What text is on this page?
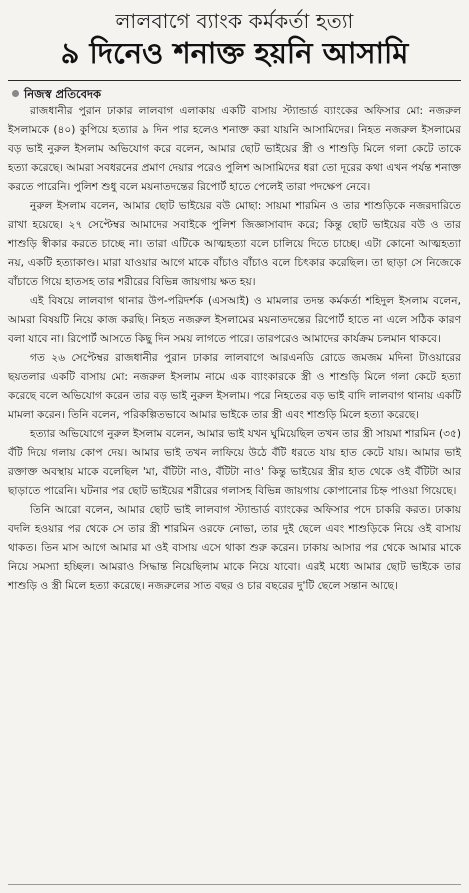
লালবাগে ব্যাংক কর্মকর্তা হত্যা
৯ দিনেও শনাক্ত হয়নি আসামি
নিজস্ব প্রতিবেদক

রাজধানীর পুরান ঢাকার লালবাগ এলাকায় একটি বাসায় স্ট্যান্ডার্ড ব্যাংকের অফিসার মো: নজরুল ইসলামকে (৪০) কুপিয়ে হত্যার ৯ দিন পার হলেও শনাক্ত করা যায়নি আসামিদের। নিহত নজরুল ইসলামের বড় ভাই নুরুল ইসলাম অভিযোগ করে বলেন, আমার ছোট ভাইয়ের স্ত্রী ও শাশুড়ি মিলে গলা কেটে তাকে হত্যা করেছে। আমরা সবধরনের প্রমাণ দেয়ার পরেও পুলিশ আসামিদের ধরা তো দূরের কথা এখন পর্যন্ত শনাক্ত করতে পারেনি। পুলিশ শুধু বলে ময়নাতদন্তের রিপোর্ট হাতে পেলেই তারা পদক্ষেপ নেবে।

নুরুল ইসলাম বলেন, আমার ছোট ভাইয়ের বউ মোছা: সায়মা শারমিন ও তার শাশুড়িকে নজরদারিতে রাখা হয়েছে। ২৭ সেপ্টেম্বর আমাদের সবাইকে পুলিশ জিজ্ঞাসাবাদ করে; কিন্তু ছোট ভাইয়ের বউ ও তার শাশুড়ি স্বীকার করতে চাচ্ছে না। তারা এটিকে আত্মহত্যা বলে চালিয়ে দিতে চাচ্ছে। এটা কোনো আত্মহত্যা নয়, একটি হত্যাকাণ্ড। মারা যাওয়ার আগে মাকে বাঁচাও বাঁচাও বলে চিৎকার করেছিল। তা ছাড়া সে নিজেকে বাঁচাতে গিয়ে হাতসহ তার শরীরের বিভিন্ন জায়গায় ক্ষত হয়।

এই বিষয়ে লালবাগ থানার উপ-পরিদর্শক (এসআই) ও মামলার তদন্ত কর্মকর্তা শহিদুল ইসলাম বলেন, আমরা বিষয়টি নিয়ে কাজ করছি। নিহত নজরুল ইসলামের ময়নাতদন্তের রিপোর্ট হাতে না এলে সঠিক কারণ বলা যাবে না। রিপোর্ট আসতে কিছু দিন সময় লাগতে পারে। তারপরেও আমাদের কার্যক্রম চলমান থাকবে।

গত ২৬ সেপ্টেম্বর রাজধানীর পুরান ঢাকার লালবাগে আরএনডি রোডে জমজম মদিনা টাওয়ারের ছয়তলার একটি বাসায় মো: নজরুল ইসলাম নামে এক ব্যাংকারকে স্ত্রী ও শাশুড়ি মিলে গলা কেটে হত্যা করেছে বলে অভিযোগ করেন তার বড় ভাই নুরুল ইসলাম। পরে নিহতের বড় ভাই বাদি লালবাগ থানায় একটি মামলা করেন। তিনি বলেন, পরিকল্পিতভাবে আমার ভাইকে তার স্ত্রী এবং শাশুড়ি মিলে হত্যা করেছে।

হত্যার অভিযোগে নুরুল ইসলাম বলেন, আমার ভাই যখন ঘুমিয়েছিল তখন তার স্ত্রী সায়মা শারমিন (৩৫) বঁটি দিয়ে গলায় কোপ দেয়। আমার ভাই তখন লাফিয়ে উঠে বঁটি ধরতে যায় হাত কেটে যায়। আমার ভাই রক্তাক্ত অবস্থায় মাকে বলেছিল 'মা, বঁটিটা নাও, বঁটিটা নাও' কিন্তু ভাইয়ের স্ত্রীর হাত থেকে ওই বঁটিটা আর ছাড়াতে পারেনি। ঘটনার পর ছোট ভাইয়ের শরীরের গলাসহ বিভিন্ন জায়গায় কোপানোর চিহ্ন পাওয়া গিয়েছে।

তিনি আরো বলেন, আমার ছোট ভাই লালবাগ স্ট্যান্ডার্ড ব্যাংকের অফিসার পদে চাকরি করত। ঢাকায় বদলি হওয়ার পর থেকে সে তার স্ত্রী শারমিন ওরফে নোভা, তার দুই ছেলে এবং শাশুড়িকে নিয়ে ওই বাসায় থাকত। তিন মাস আগে আমার মা ওই বাসায় এসে থাকা শুরু করেন। ঢাকায় আসার পর থেকে আমার মাকে নিয়ে সমস্যা হচ্ছিল। আমরাও সিদ্ধান্ত নিয়েছিলাম মাকে নিয়ে যাবো। এরই মধ্যে আমার ছোট ভাইকে তার শাশুড়ি ও স্ত্রী মিলে হত্যা করেছে। নজরুলের সাত বছর ও চার বছরের দু'টি ছেলে সন্তান আছে।
